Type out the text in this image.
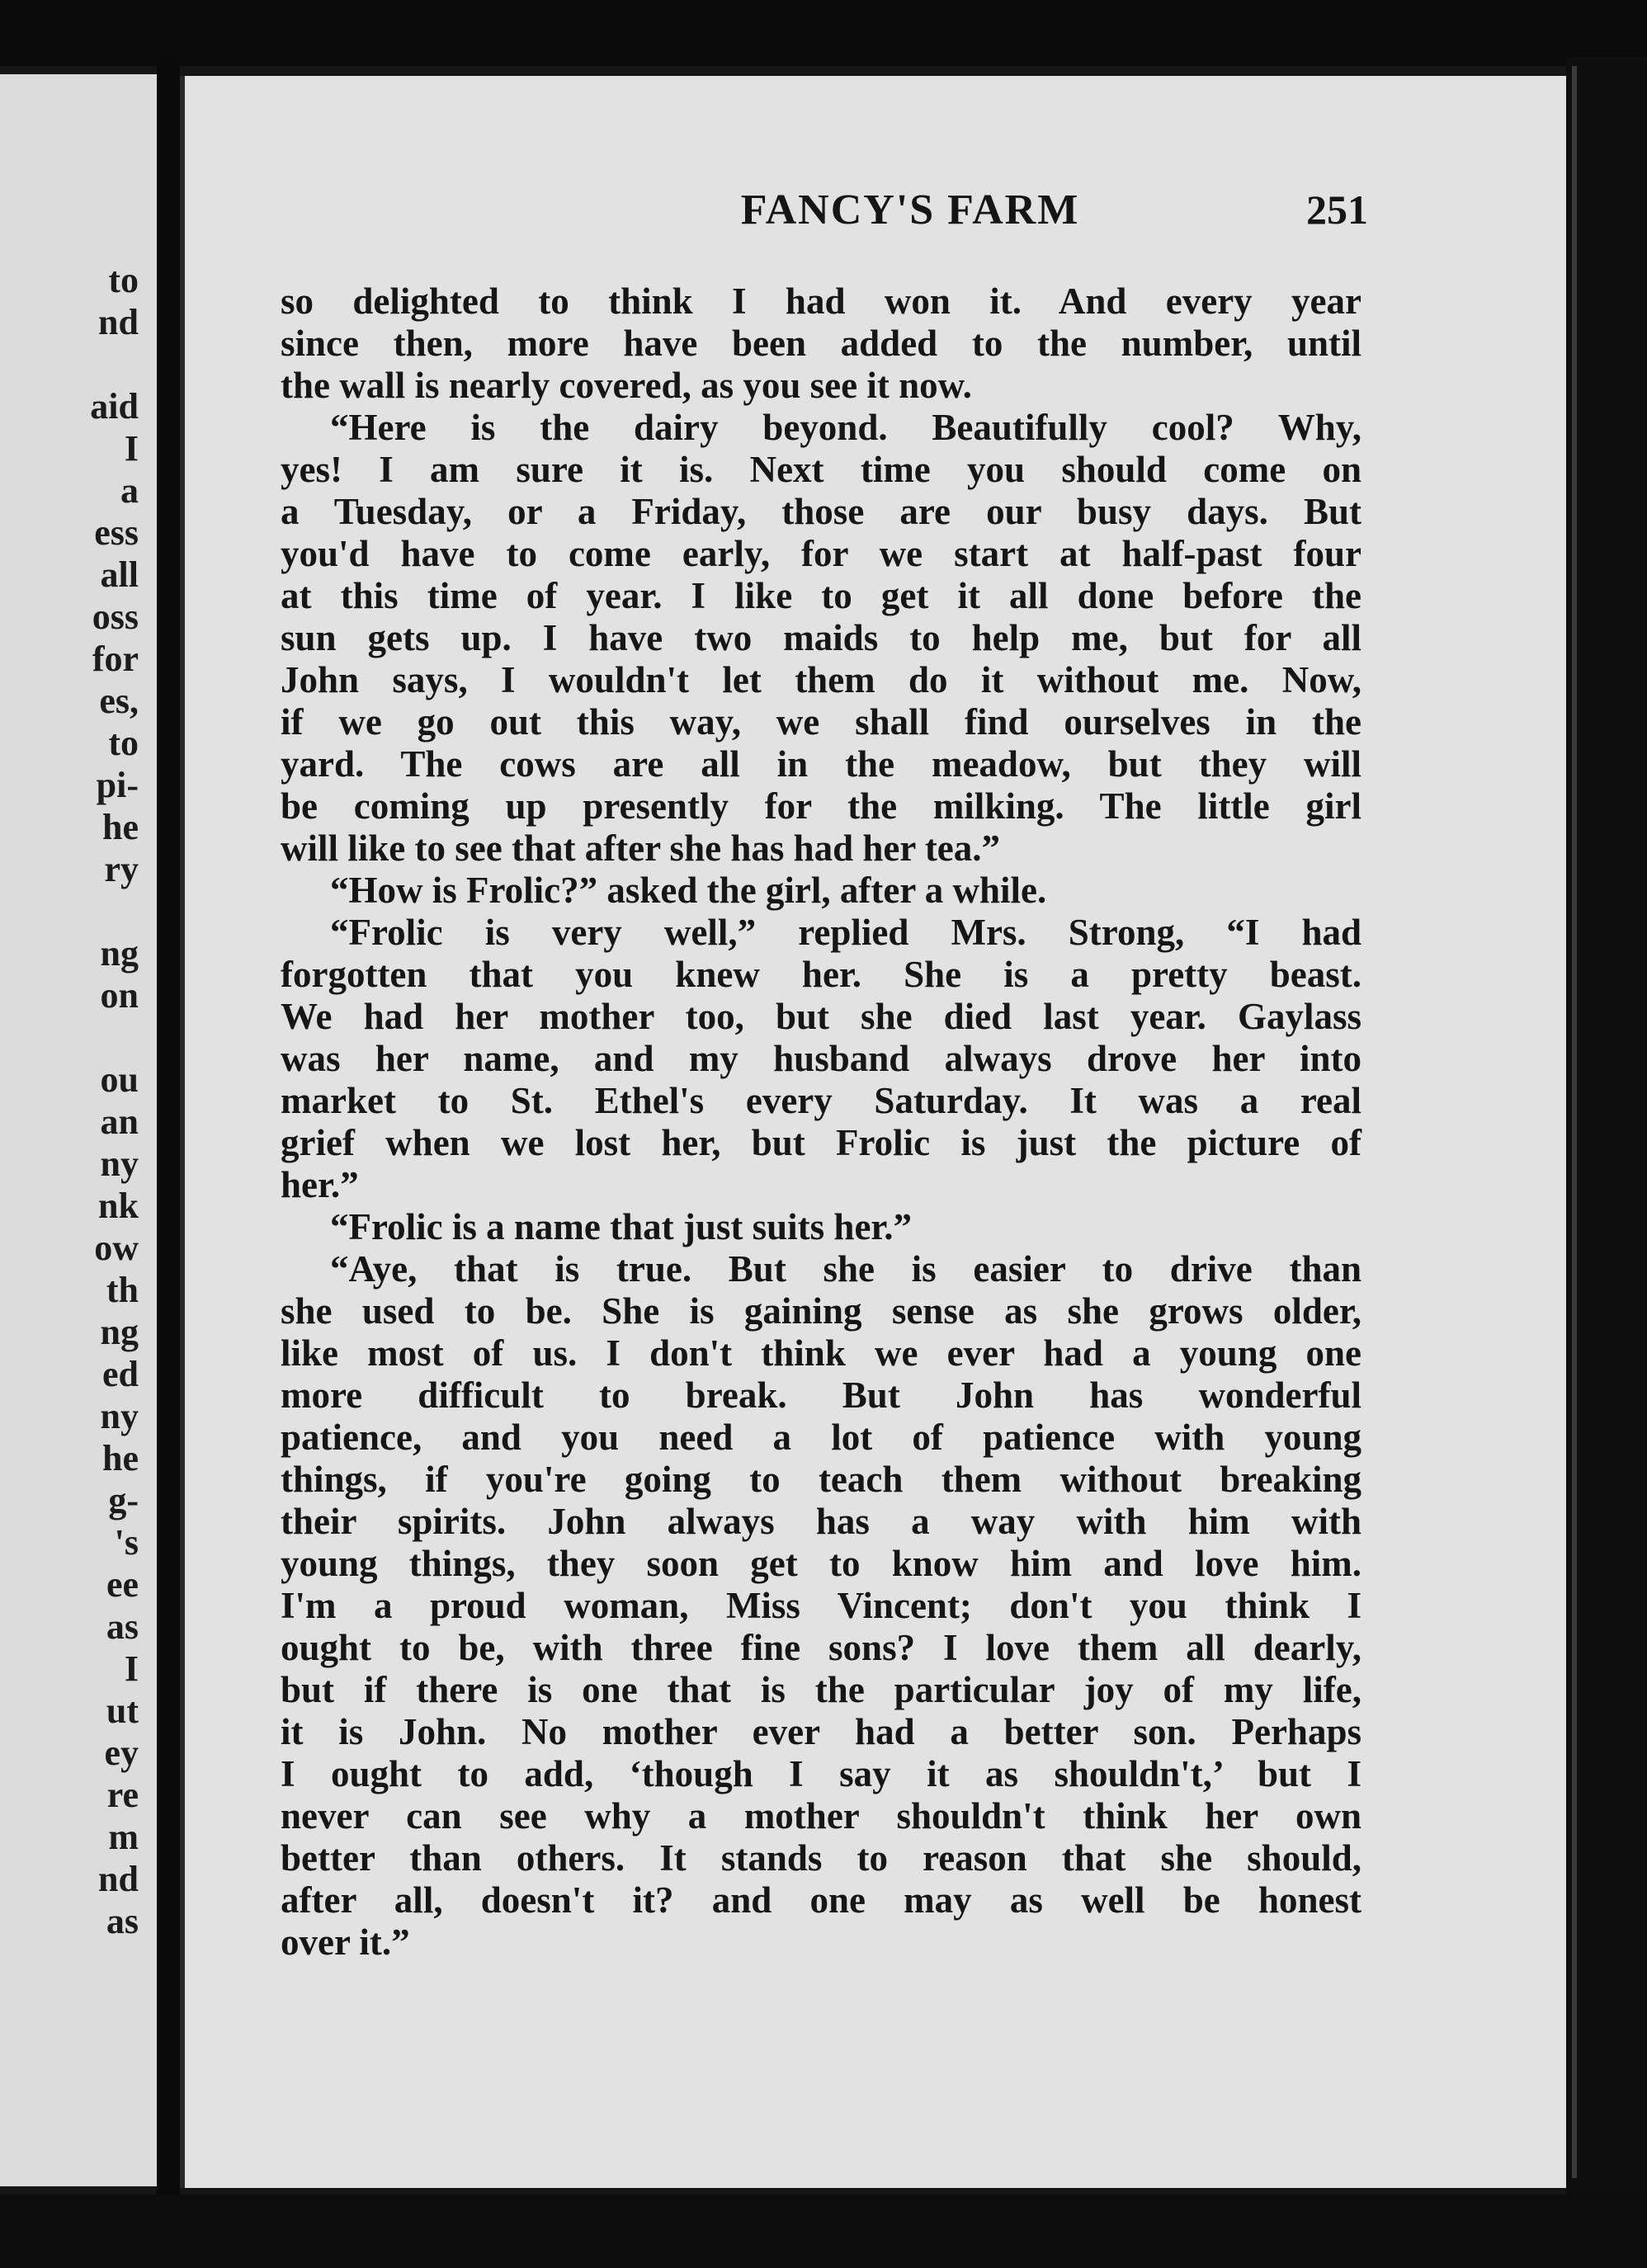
to
nd
aid
I
a
ess
all
oss
for
es,
to
pi-
he
ry
ng
on
ou
an
ny
nk
ow
th
ng
ed
ny
he
g-
's
ee
as
I
ut
ey
re
m
nd
as
FANCY'S FARM	251
so delighted to think I had won it. And every year
since then, more have been added to the number, until
the wall is nearly covered, as you see it now.
“Here is the dairy beyond. Beautifully cool? Why,
yes! I am sure it is. Next time you should come on
a Tuesday, or a Friday, those are our busy days. But
you'd have to come early, for we start at half-past four
at this time of year. I like to get it all done before the
sun gets up. I have two maids to help me, but for all
John says, I wouldn't let them do it without me. Now,
if we go out this way, we shall find ourselves in the
yard. The cows are all in the meadow, but they will
be coming up presently for the milking. The little girl
will like to see that after she has had her tea.”
“How is Frolic?” asked the girl, after a while.
“Frolic is very well,” replied Mrs. Strong, “I had
forgotten that you knew her. She is a pretty beast.
We had her mother too, but she died last year. Gaylass
was her name, and my husband always drove her into
market to St. Ethel's every Saturday. It was a real
grief when we lost her, but Frolic is just the picture of
her.”
“Frolic is a name that just suits her.”
“Aye, that is true. But she is easier to drive than
she used to be. She is gaining sense as she grows older,
like most of us. I don't think we ever had a young one
more difficult to break. But John has wonderful
patience, and you need a lot of patience with young
things, if you're going to teach them without breaking
their spirits. John always has a way with him with
young things, they soon get to know him and love him.
I'm a proud woman, Miss Vincent; don't you think I
ought to be, with three fine sons? I love them all dearly,
but if there is one that is the particular joy of my life,
it is John. No mother ever had a better son. Perhaps
I ought to add, ‘though I say it as shouldn't,’ but I
never can see why a mother shouldn't think her own
better than others. It stands to reason that she should,
after all, doesn't it? and one may as well be honest
over it.”
